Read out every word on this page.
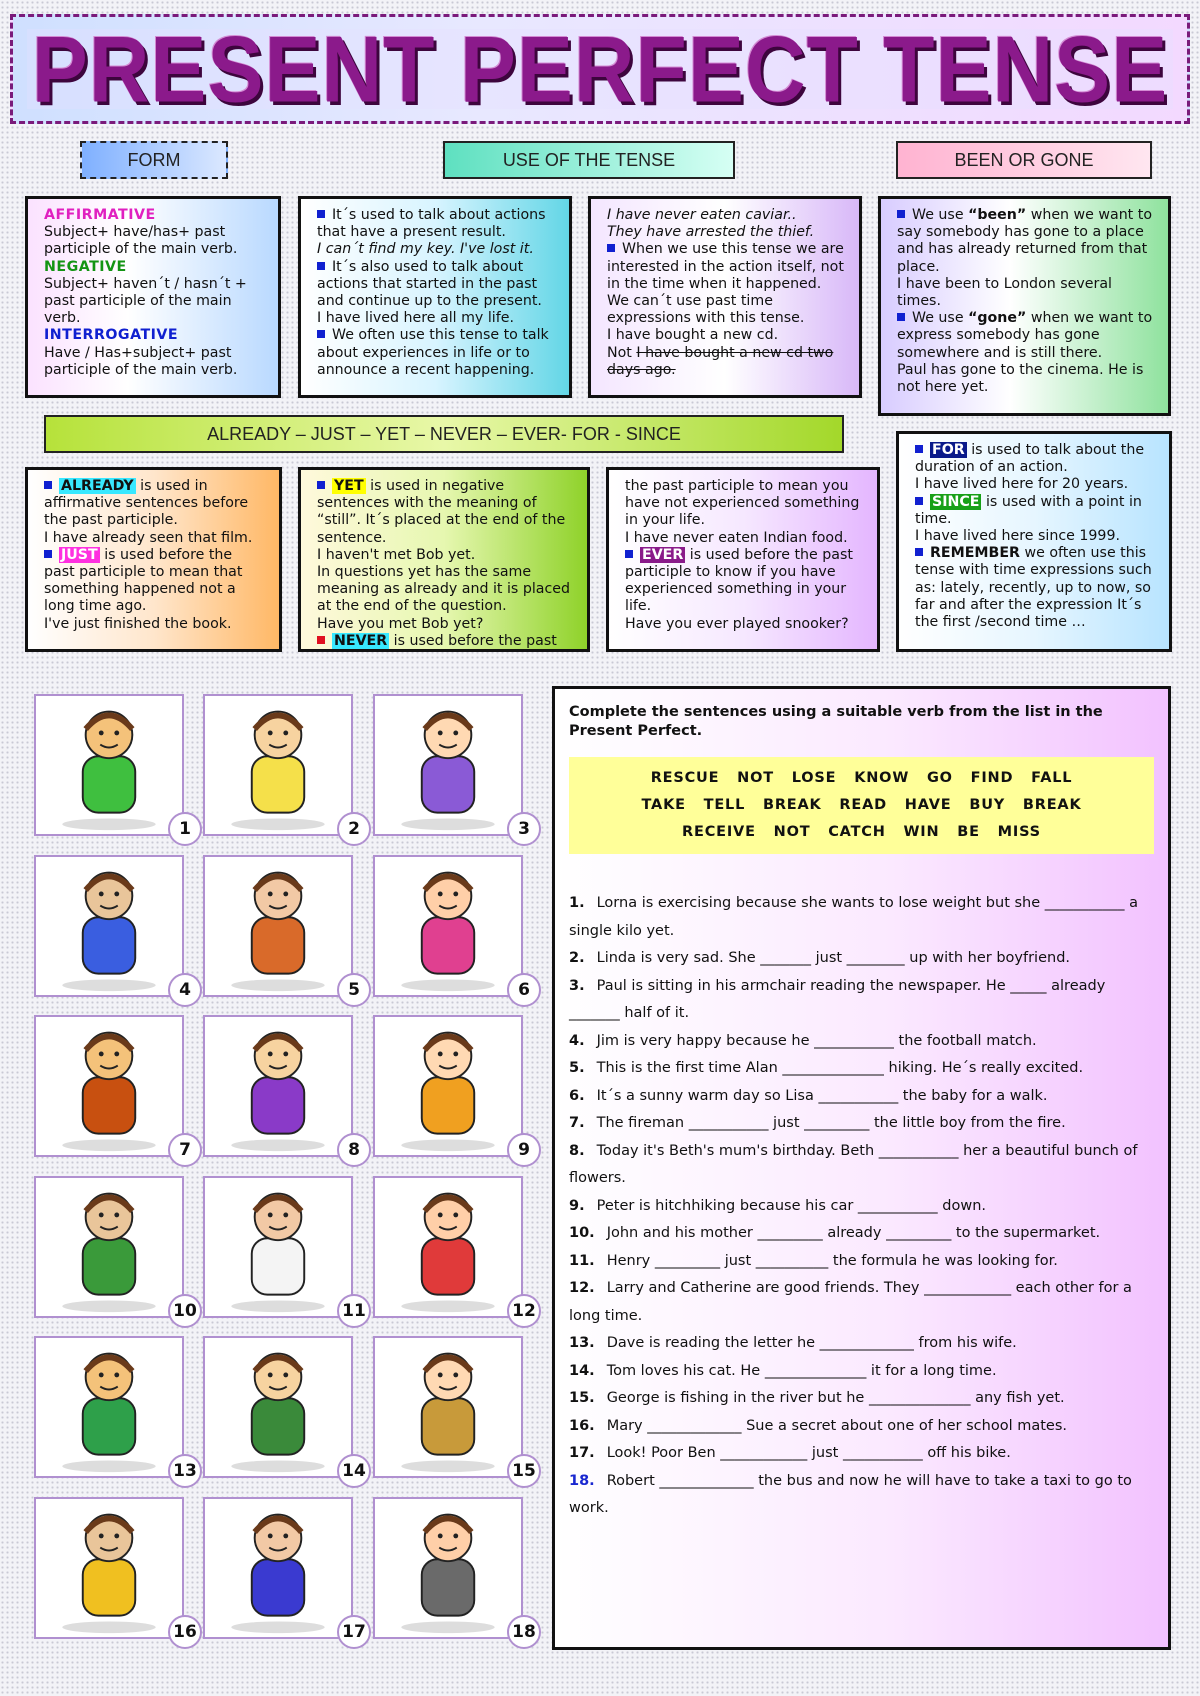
PRESENT PERFECT TENSE
FORM	USE OF THE TENSE	BEEN OR GONE
ALREADY – JUST – YET – NEVER – EVER- FOR - SINCE

AFFIRMATIVE

Subject+ have/has+ past participle of the main verb.

NEGATIVE

Subject+ haven´t / hasn´t + past participle of the main verb.

INTERROGATIVE

Have / Has+subject+ past participle of the main verb.

It´s used to talk about actions that have a present result.

I can´t find my key. I've lost it.

It´s also used to talk about actions that started in the past and continue up to the present.

I have lived here all my life.

We often use this tense to talk about experiences in life or to announce a recent happening.

I have never eaten caviar..

They have arrested the thief.

When we use this tense we are interested in the action itself, not in the time when it happened. We can´t use past time expressions with this tense.

I have bought a new cd.

Not I have bought a new cd two days ago.

We use “been” when we want to say somebody has gone to a place and has already returned from that place.

I have been to London several times.

We use “gone” when we want to express somebody has gone somewhere and is still there.

Paul has gone to the cinema. He is not here yet.

ALREADY is used in affirmative sentences before the past participle.

I have already seen that film.

JUST is used before the past participle to mean that something happened not a long time ago.

I've just finished the book.

YET is used in negative sentences with the meaning of “still”. It´s placed at the end of the sentence.

I haven't met Bob yet.

In questions yet has the same meaning as already and it is placed at the end of the question.

Have you met Bob yet?

NEVER is used before the past

the past participle to mean you have not experienced something in your life.

I have never eaten Indian food.

EVER is used before the past participle to know if you have experienced something in your life.

Have you ever played snooker?

FOR is used to talk about the duration of an action.

I have lived here for 20 years.

SINCE is used with a point in time.

I have lived here since 1999.

REMEMBER we often use this tense with time expressions such as: lately, recently, up to now, so far and after the expression It´s the first /second time …

1	2	3
4	5	6
7	8	9
10	11	12
13	14	15
16	17	18
Complete the sentences using a suitable verb from the list in the Present Perfect.
RESCUE NOT LOSE KNOW GO FIND FALL
TAKE TELL BREAK READ HAVE BUY BREAK
RECEIVE NOT CATCH WIN BE MISS

1. Lorna is exercising because she wants to lose weight but she ___________ a single kilo yet.

2. Linda is very sad. She _______ just ________ up with her boyfriend.

3. Paul is sitting in his armchair reading the newspaper. He _____ already _______ half of it.

4. Jim is very happy because he ___________ the football match.

5. This is the first time Alan ______________ hiking. He´s really excited.

6. It´s a sunny warm day so Lisa ___________ the baby for a walk.

7. The fireman ___________ just _________ the little boy from the fire.

8. Today it's Beth's mum's birthday. Beth ___________ her a beautiful bunch of flowers.

9. Peter is hitchhiking because his car ___________ down.

10. John and his mother _________ already _________ to the supermarket.

11. Henry _________ just __________ the formula he was looking for.

12. Larry and Catherine are good friends. They ____________ each other for a long time.

13. Dave is reading the letter he _____________ from his wife.

14. Tom loves his cat. He ______________ it for a long time.

15. George is fishing in the river but he ______________ any fish yet.

16. Mary _____________ Sue a secret about one of her school mates.

17. Look! Poor Ben ____________ just ___________ off his bike.

18. Robert _____________ the bus and now he will have to take a taxi to go to work.
